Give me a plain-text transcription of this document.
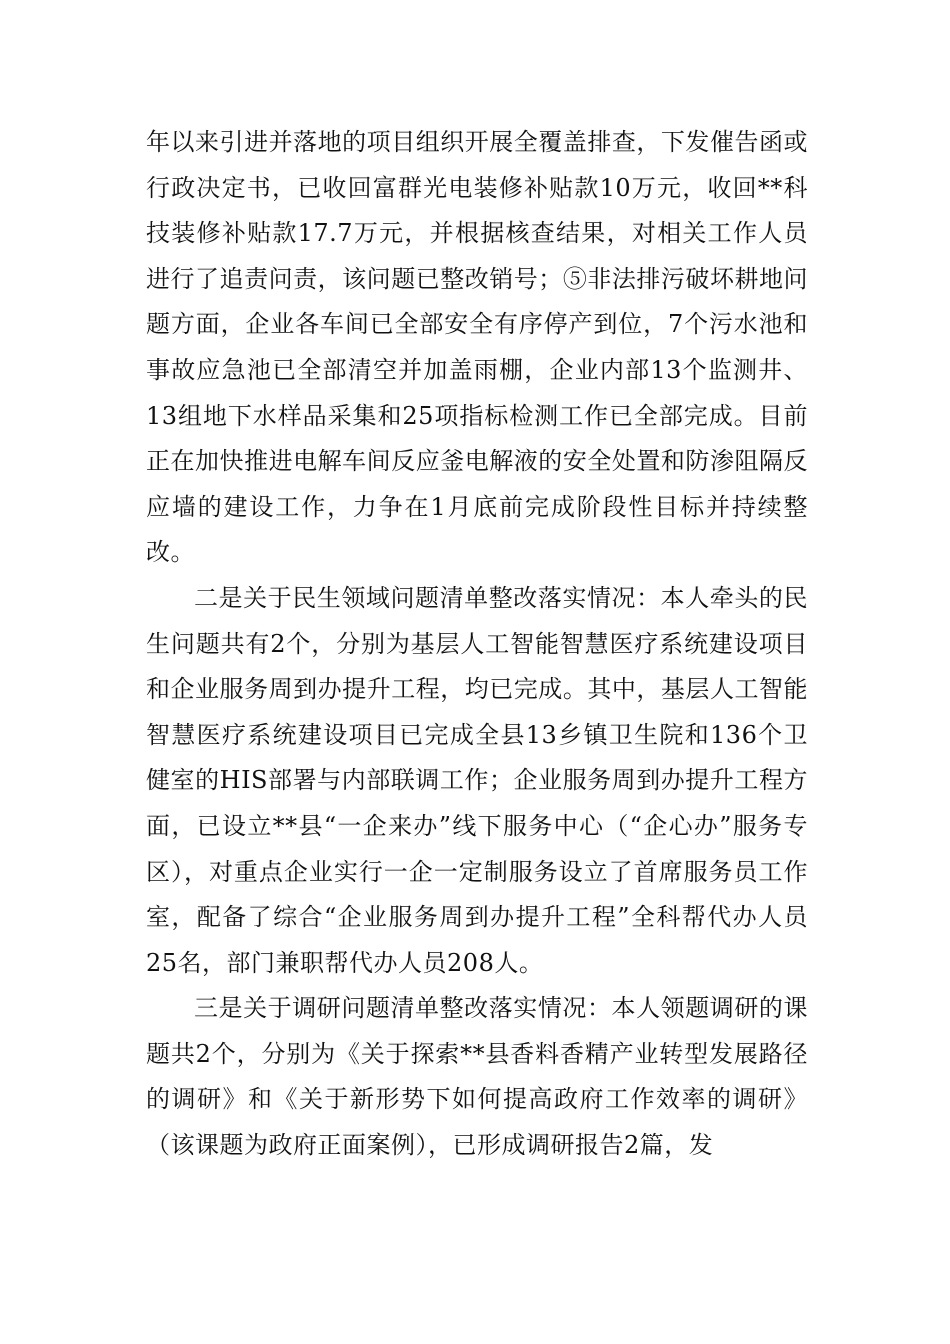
年以来引进并落地的项目组织开展全覆盖排查，下发催告函或行政决定书，已收回富群光电装修补贴款10万元，收回**科技装修补贴款17.7万元，并根据核查结果，对相关工作人员进行了追责问责，该问题已整改销号；⑤非法排污破坏耕地问题方面，企业各车间已全部安全有序停产到位，7个污水池和事故应急池已全部清空并加盖雨棚，企业内部13个监测井、13组地下水样品采集和25项指标检测工作已全部完成。目前正在加快推进电解车间反应釜电解液的安全处置和防渗阻隔反应墙的建设工作，力争在1月底前完成阶段性目标并持续整改。

二是关于民生领域问题清单整改落实情况：本人牵头的民生问题共有2个，分别为基层人工智能智慧医疗系统建设项目和企业服务周到办提升工程，均已完成。其中，基层人工智能智慧医疗系统建设项目已完成全县13乡镇卫生院和136个卫健室的HIS部署与内部联调工作；企业服务周到办提升工程方面，已设立**县“一企来办”线下服务中心（“企心办”服务专区），对重点企业实行一企一定制服务设立了首席服务员工作室，配备了综合“企业服务周到办提升工程”全科帮代办人员25名，部门兼职帮代办人员208人。

三是关于调研问题清单整改落实情况：本人领题调研的课题共2个，分别为《关于探索**县香料香精产业转型发展路径的调研》和《关于新形势下如何提高政府工作效率的调研》（该课题为政府正面案例），已形成调研报告2篇，发
